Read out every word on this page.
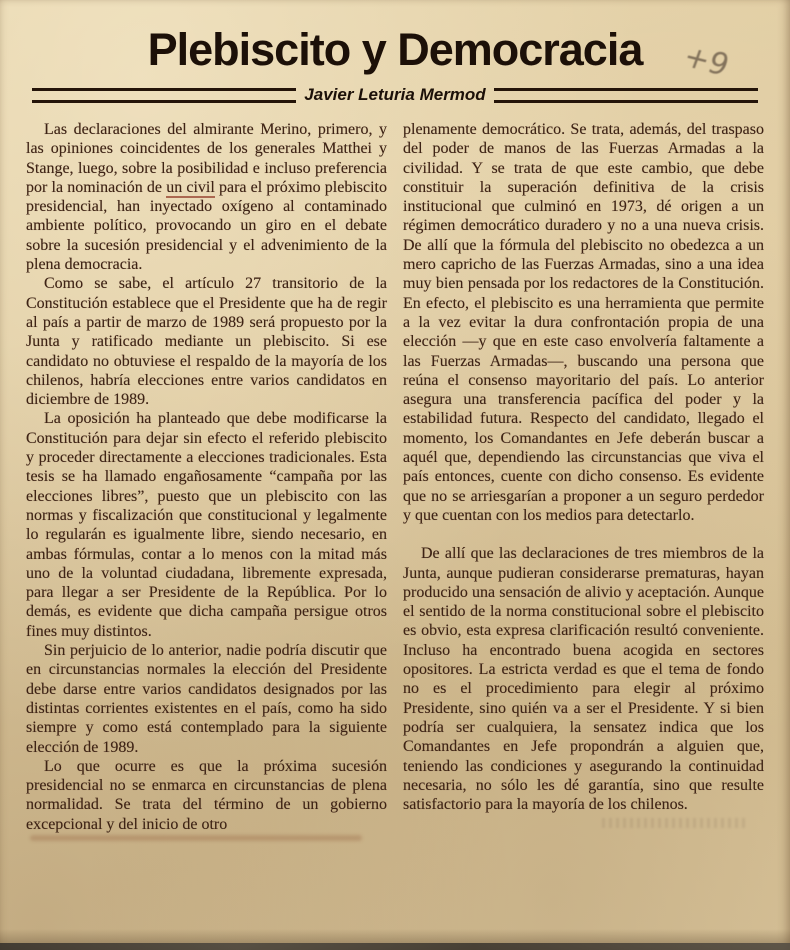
+9
Plebiscito y Democracia
Javier Leturia Mermod

Las declaraciones del almirante Merino, primero, y las opiniones coincidentes de los generales Matthei y Stange, luego, sobre la posibilidad e incluso preferencia por la nominación de un civil para el próximo plebiscito presidencial, han inyectado oxígeno al contaminado ambiente político, provocando un giro en el debate sobre la sucesión presidencial y el advenimiento de la plena democracia.

Como se sabe, el artículo 27 transitorio de la Constitución establece que el Presidente que ha de regir al país a partir de marzo de 1989 será propuesto por la Junta y ratificado mediante un plebiscito. Si ese candidato no obtuviese el respaldo de la mayoría de los chilenos, habría elecciones entre varios candidatos en diciembre de 1989.

La oposición ha planteado que debe modificarse la Constitución para dejar sin efecto el referido plebiscito y proceder directamente a elecciones tradicionales. Esta tesis se ha llamado engañosamente “campaña por las elecciones libres”, puesto que un plebiscito con las normas y fiscalización que constitucional y legalmente lo regularán es igualmente libre, siendo necesario, en ambas fórmulas, contar a lo menos con la mitad más uno de la voluntad ciudadana, libremente expresada, para llegar a ser Presidente de la República. Por lo demás, es evidente que dicha campaña persigue otros fines muy distintos.

Sin perjuicio de lo anterior, nadie podría discutir que en circunstancias normales la elección del Presidente debe darse entre varios candidatos designados por las distintas corrientes existentes en el país, como ha sido siempre y como está contemplado para la siguiente elección de 1989.

Lo que ocurre es que la próxima sucesión presidencial no se enmarca en circunstancias de plena normalidad. Se trata del término de un gobierno excepcional y del inicio de otro

plenamente democrático. Se trata, además, del traspaso del poder de manos de las Fuerzas Armadas a la civilidad. Y se trata de que este cambio, que debe constituir la superación definitiva de la crisis institucional que culminó en 1973, dé origen a un régimen democrático duradero y no a una nueva crisis. De allí que la fórmula del plebiscito no obedezca a un mero capricho de las Fuerzas Armadas, sino a una idea muy bien pensada por los redactores de la Constitución. En efecto, el plebiscito es una herramienta que permite a la vez evitar la dura confrontación propia de una elección —y que en este caso envolvería faltamente a las Fuerzas Armadas—, buscando una persona que reúna el consenso mayoritario del país. Lo anterior asegura una transferencia pacífica del poder y la estabilidad futura. Respecto del candidato, llegado el momento, los Comandantes en Jefe deberán buscar a aquél que, dependiendo las circunstancias que viva el país entonces, cuente con dicho consenso. Es evidente que no se arriesgarían a proponer a un seguro perdedor y que cuentan con los medios para detectarlo.

De allí que las declaraciones de tres miembros de la Junta, aunque pudieran considerarse prematuras, hayan producido una sensación de alivio y aceptación. Aunque el sentido de la norma constitucional sobre el plebiscito es obvio, esta expresa clarificación resultó conveniente. Incluso ha encontrado buena acogida en sectores opositores. La estricta verdad es que el tema de fondo no es el procedimiento para elegir al próximo Presidente, sino quién va a ser el Presidente. Y si bien podría ser cualquiera, la sensatez indica que los Comandantes en Jefe propondrán a alguien que, teniendo las condiciones y asegurando la continuidad necesaria, no sólo les dé garantía, sino que resulte satisfactorio para la mayoría de los chilenos.
